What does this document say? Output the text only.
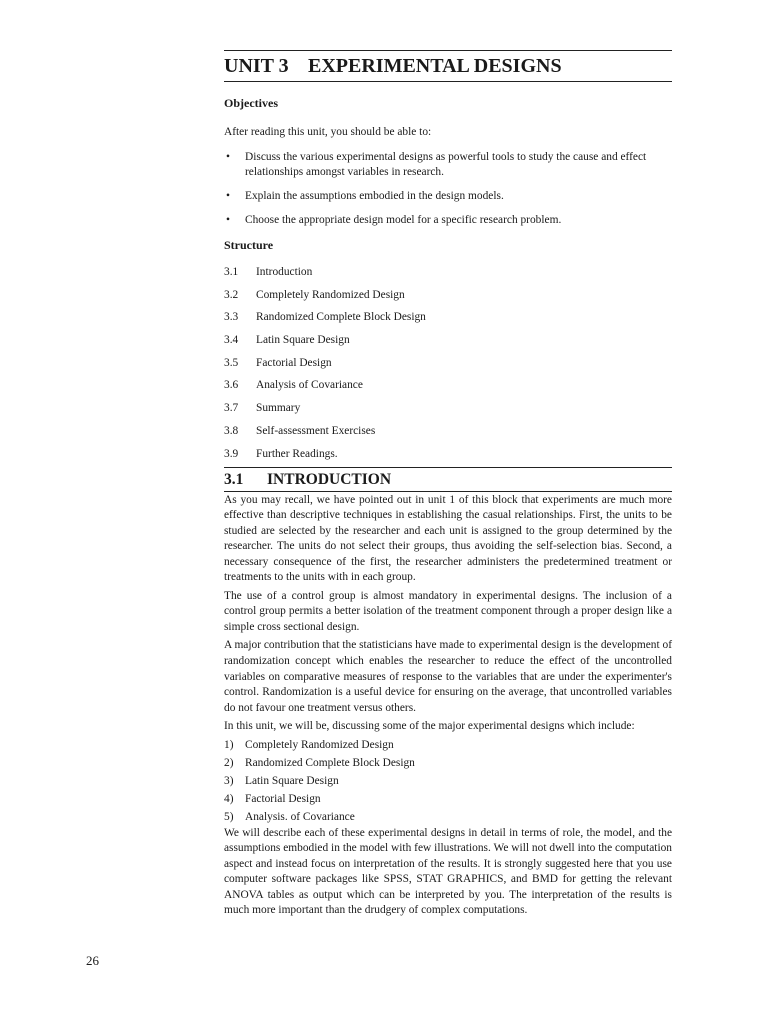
UNIT 3 EXPERIMENTAL DESIGNS
Objectives
After reading this unit, you should be able to:
• Discuss the various experimental designs as powerful tools to study the cause and effect relationships amongst variables in research.
• Explain the assumptions embodied in the design models.
• Choose the appropriate design model for a specific research problem.
Structure
3.1 Introduction
3.2 Completely Randomized Design
3.3 Randomized Complete Block Design
3.4 Latin Square Design
3.5 Factorial Design
3.6 Analysis of Covariance
3.7 Summary
3.8 Self-assessment Exercises
3.9 Further Readings.
3.1 INTRODUCTION

As you may recall, we have pointed out in unit 1 of this block that experiments are much more effective than descriptive techniques in establishing the casual relationships. First, the units to be studied are selected by the researcher and each unit is assigned to the group determined by the researcher. The units do not select their groups, thus avoiding the self-selection bias. Second, a necessary consequence of the first, the researcher administers the predetermined treatment or treatments to the units with in each group.

The use of a control group is almost mandatory in experimental designs. The inclusion of a control group permits a better isolation of the treatment component through a proper design like a simple cross sectional design.

A major contribution that the statisticians have made to experimental design is the development of randomization concept which enables the researcher to reduce the effect of the uncontrolled variables on comparative measures of response to the variables that are under the experimenter's control. Randomization is a useful device for ensuring on the average, that uncontrolled variables do not favour one treatment versus others.

In this unit, we will be, discussing some of the major experimental designs which include:

1) Completely Randomized Design
2) Randomized Complete Block Design
3) Latin Square Design
4) Factorial Design
5) Analysis. of Covariance

We will describe each of these experimental designs in detail in terms of role, the model, and the assumptions embodied in the model with few illustrations. We will not dwell into the computation aspect and instead focus on interpretation of the results. It is strongly suggested here that you use computer software packages like SPSS, STAT GRAPHICS, and BMD for getting the relevant ANOVA tables as output which can be interpreted by you. The interpretation of the results is much more important than the drudgery of complex computations.

26
